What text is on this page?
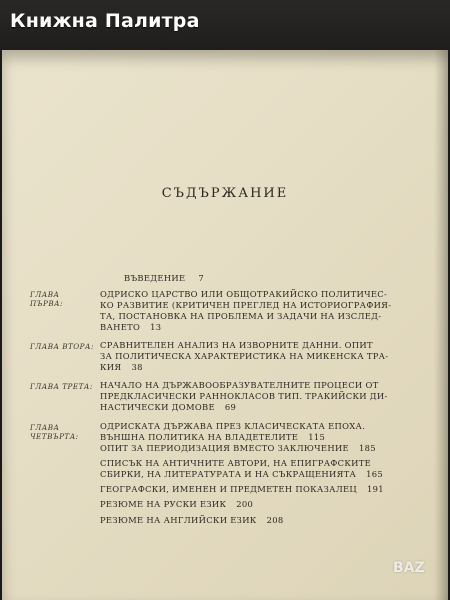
Книжна Палитра
СЪДЪРЖАНИЕ
ВЪВЕДЕНИЕ 7
ГЛАВА ПЪРВА:
ОДРИСКО ЦАРСТВО ИЛИ ОБЩОТРАКИЙСКО ПОЛИТИЧЕС-
КО РАЗВИТИЕ (КРИТИЧЕН ПРЕГЛЕД НА ИСТОРИОГРАФИЯ-
ТА, ПОСТАНОВКА НА ПРОБЛЕМА И ЗАДАЧИ НА ИЗСЛЕД-
ВАНЕТО 13
ГЛАВА ВТОРА: СРАВНИТЕЛЕН АНАЛИЗ НА ИЗВОРНИТЕ ДАННИ. ОПИТ
ЗА ПОЛИТИЧЕСКА ХАРАКТЕРИСТИКА НА МИКЕНСКА ТРА-
КИЯ 38
ГЛАВА ТРЕТА: НАЧАЛО НА ДЪРЖАВООБРАЗУВАТЕЛНИТЕ ПРОЦЕСИ ОТ
ПРЕДКЛАСИЧЕСКИ РАННОКЛАСОВ ТИП. ТРАКИЙСКИ ДИ-
НАСТИЧЕСКИ ДОМОВЕ 69
ГЛАВА ЧЕТВЪРТА:
ОДРИСКАТА ДЪРЖАВА ПРЕЗ КЛАСИЧЕСКАТА ЕПОХА.
ВЪНШНА ПОЛИТИКА НА ВЛАДЕТЕЛИТЕ 115
ОПИТ ЗА ПЕРИОДИЗАЦИЯ ВМЕСТО ЗАКЛЮЧЕНИЕ 185
СПИСЪК НА АНТИЧНИТЕ АВТОРИ, НА ЕПИГРАФСКИТЕ
СБИРКИ, НА ЛИТЕРАТУРАТА И НА СЪКРАЩЕНИЯТА 165
ГЕОГРАФСКИ, ИМЕНЕН И ПРЕДМЕТЕН ПОКАЗАЛЕЦ 191
РЕЗЮМЕ НА РУСКИ ЕЗИК 200
РЕЗЮМЕ НА АНГЛИЙСКИ ЕЗИК 208
BAZ
